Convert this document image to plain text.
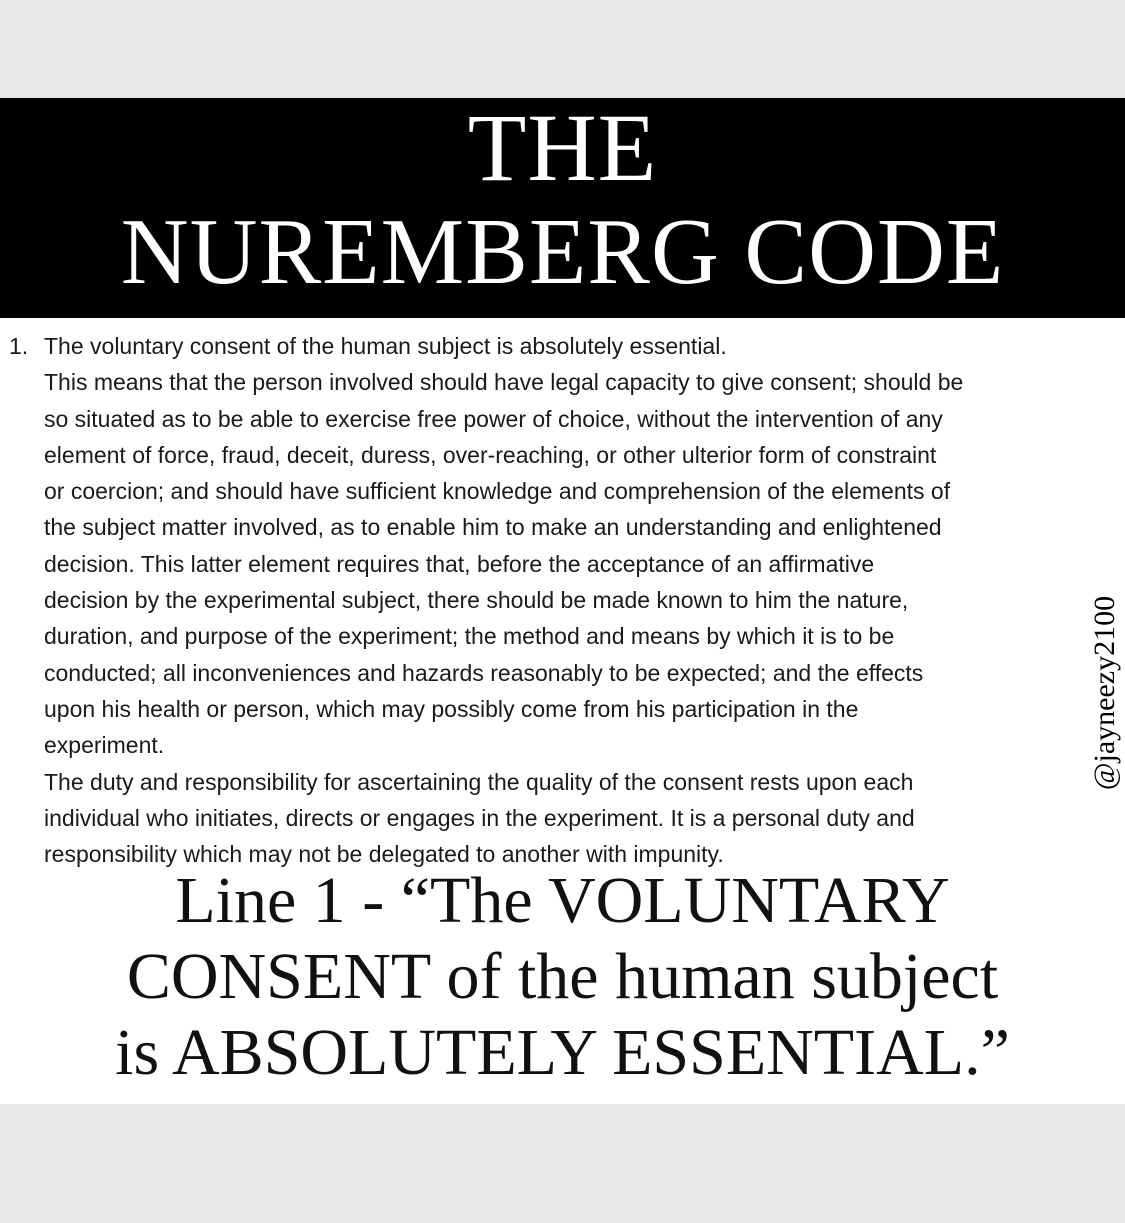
THE
NUREMBERG CODE
1. The voluntary consent of the human subject is absolutely essential.
This means that the person involved should have legal capacity to give consent; should be
so situated as to be able to exercise free power of choice, without the intervention of any
element of force, fraud, deceit, duress, over-reaching, or other ulterior form of constraint
or coercion; and should have sufficient knowledge and comprehension of the elements of
the subject matter involved, as to enable him to make an understanding and enlightened
decision. This latter element requires that, before the acceptance of an affirmative
decision by the experimental subject, there should be made known to him the nature,
duration, and purpose of the experiment; the method and means by which it is to be
conducted; all inconveniences and hazards reasonably to be expected; and the effects
upon his health or person, which may possibly come from his participation in the
experiment.
The duty and responsibility for ascertaining the quality of the consent rests upon each
individual who initiates, directs or engages in the experiment. It is a personal duty and
responsibility which may not be delegated to another with impunity.
@jayneezy2100
Line 1 - “The VOLUNTARY
CONSENT of the human subject
is ABSOLUTELY ESSENTIAL.”
